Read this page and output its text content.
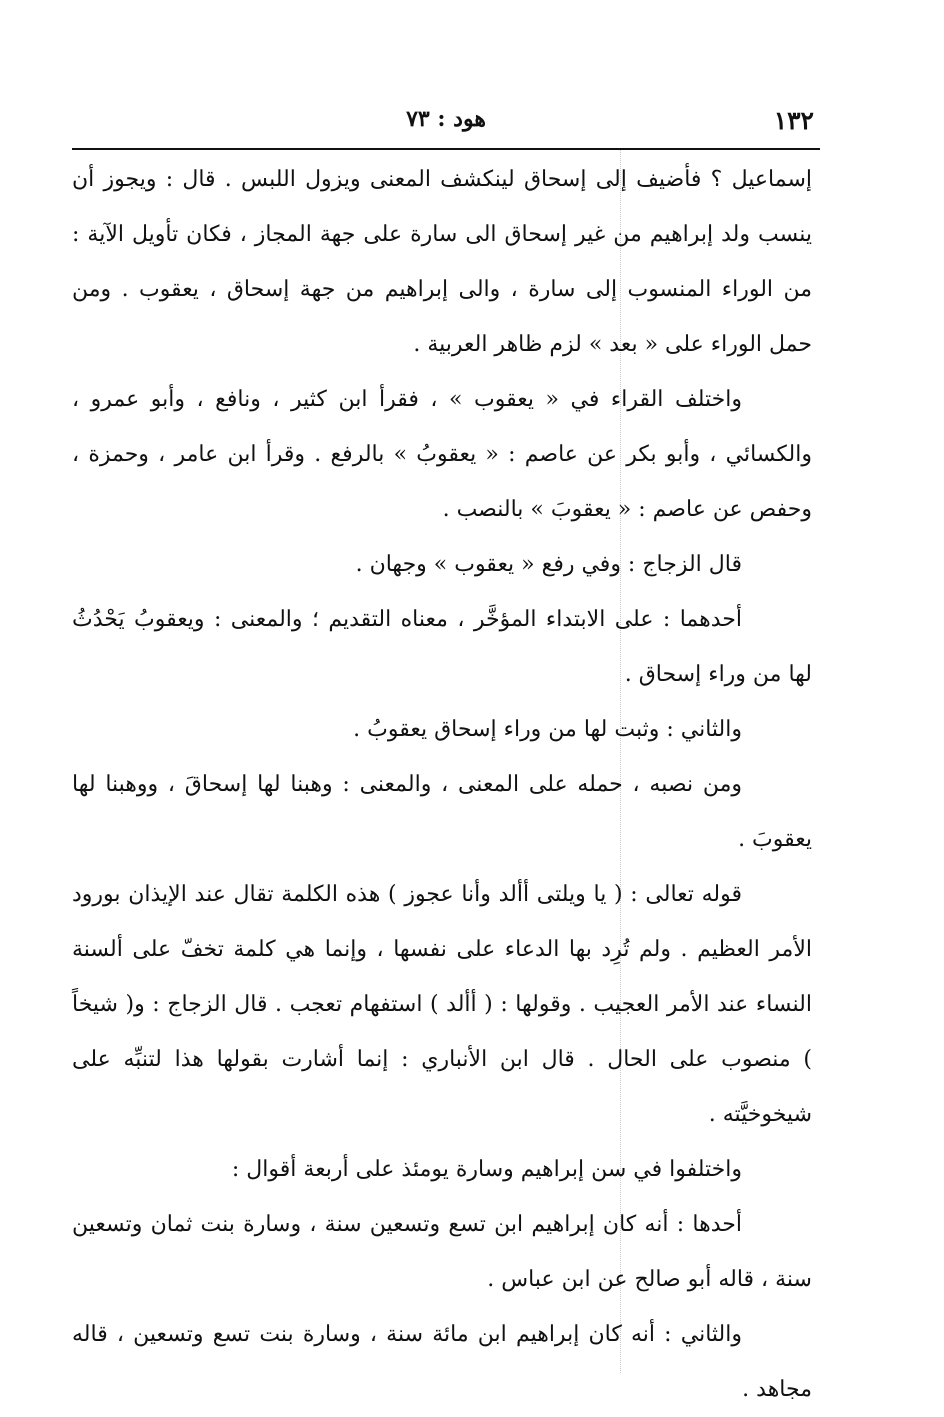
١٣٢
هود : ٧٣

إسماعيل ؟ فأضيف إلى إسحاق لينكشف المعنى ويزول اللبس . قال : ويجوز أن ينسب ولد إبراهيم من غير إسحاق الى سارة على جهة المجاز ، فكان تأويل الآية : من الوراء المنسوب إلى سارة ، والى إبراهيم من جهة إسحاق ، يعقوب . ومن حمل الوراء على « بعد » لزم ظاهر العربية .

واختلف القراء في « يعقوب » ، فقرأ ابن كثير ، ونافع ، وأبو عمرو ، والكسائي ، وأبو بكر عن عاصم : « يعقوبُ » بالرفع . وقرأ ابن عامر ، وحمزة ، وحفص عن عاصم : « يعقوبَ » بالنصب .

قال الزجاج : وفي رفع « يعقوب » وجهان .

أحدهما : على الابتداء المؤخَّر ، معناه التقديم ؛ والمعنى : ويعقوبُ يَحْدُثُ لها من وراء إسحاق .

والثاني : وثبت لها من وراء إسحاق يعقوبُ .

ومن نصبه ، حمله على المعنى ، والمعنى : وهبنا لها إسحاقَ ، ووهبنا لها يعقوبَ .

قوله تعالى : ( يا ويلتى أألد وأنا عجوز ) هذه الكلمة تقال عند الإيذان بورود الأمر العظيم . ولم تُرِد بها الدعاء على نفسها ، وإنما هي كلمة تخفّ على ألسنة النساء عند الأمر العجيب . وقولها : ( أألد ) استفهام تعجب . قال الزجاج : و( شيخاً ) منصوب على الحال . قال ابن الأنباري : إنما أشارت بقولها هذا لتنبِّه على شيخوخيَّته .

واختلفوا في سن إبراهيم وسارة يومئذ على أربعة أقوال :

أحدها : أنه كان إبراهيم ابن تسع وتسعين سنة ، وسارة بنت ثمان وتسعين سنة ، قاله أبو صالح عن ابن عباس .

والثاني : أنه كان إبراهيم ابن مائة سنة ، وسارة بنت تسع وتسعين ، قاله مجاهد .
